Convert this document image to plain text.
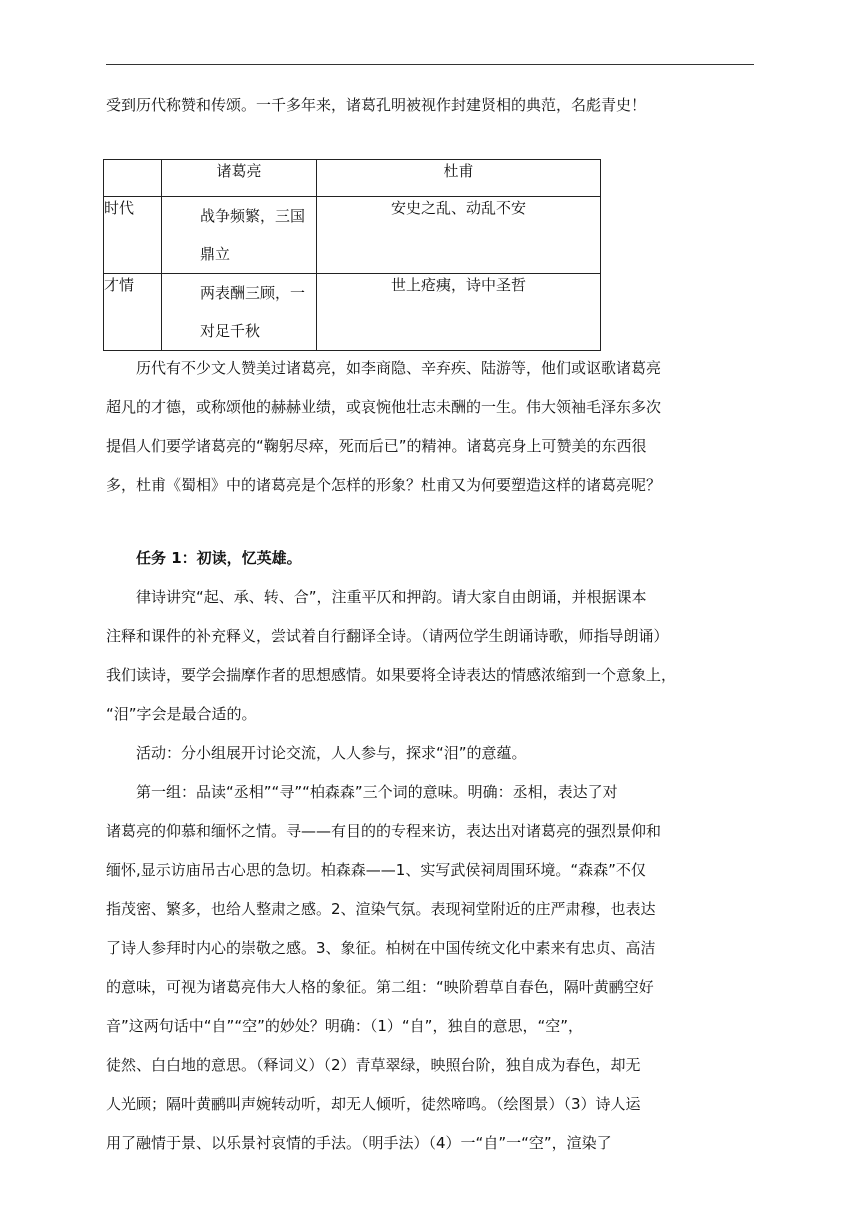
受到历代称赞和传颂。一千多年来，诸葛孔明被视作封建贤相的典范，名彪青史！
	诸葛亮	杜甫
时代	战争频繁，三国鼎立	安史之乱、动乱不安
才情	两表酬三顾，一对足千秋	世上疮痍，诗中圣哲
　　历代有不少文人赞美过诸葛亮，如李商隐、辛弃疾、陆游等，他们或讴歌诸葛亮
超凡的才德，或称颂他的赫赫业绩，或哀惋他壮志未酬的一生。伟大领袖毛泽东多次
提倡人们要学诸葛亮的“鞠躬尽瘁，死而后已”的精神。诸葛亮身上可赞美的东西很
多，杜甫《蜀相》中的诸葛亮是个怎样的形象？杜甫又为何要塑造这样的诸葛亮呢？
　　任务 1：初读，忆英雄。
　　律诗讲究“起、承、转、合”，注重平仄和押韵。请大家自由朗诵，并根据课本
注释和课件的补充释义，尝试着自行翻译全诗。（请两位学生朗诵诗歌，师指导朗诵）
我们读诗，要学会揣摩作者的思想感情。如果要将全诗表达的情感浓缩到一个意象上，
“泪”字会是最合适的。
　　活动：分小组展开讨论交流，人人参与，探求“泪”的意蕴。
　　第一组：品读“丞相”“寻”“柏森森”三个词的意味。明确：丞相，表达了对
诸葛亮的仰慕和缅怀之情。寻——有目的的专程来访，表达出对诸葛亮的强烈景仰和
缅怀,显示访庙吊古心思的急切。柏森森——1、实写武侯祠周围环境。“森森”不仅
指茂密、繁多，也给人整肃之感。2、渲染气氛。表现祠堂附近的庄严肃穆，也表达
了诗人参拜时内心的崇敬之感。3、象征。柏树在中国传统文化中素来有忠贞、高洁
的意味，可视为诸葛亮伟大人格的象征。第二组：“映阶碧草自春色，隔叶黄鹂空好
音”这两句话中“自”“空”的妙处？明确：（1）“自”，独自的意思，“空”，
徒然、白白地的意思。（释词义）（2）青草翠绿，映照台阶，独自成为春色，却无
人光顾；隔叶黄鹂叫声婉转动听，却无人倾听，徒然啼鸣。（绘图景）（3）诗人运
用了融情于景、以乐景衬哀情的手法。（明手法）（4）一“自”一“空”，渲染了
